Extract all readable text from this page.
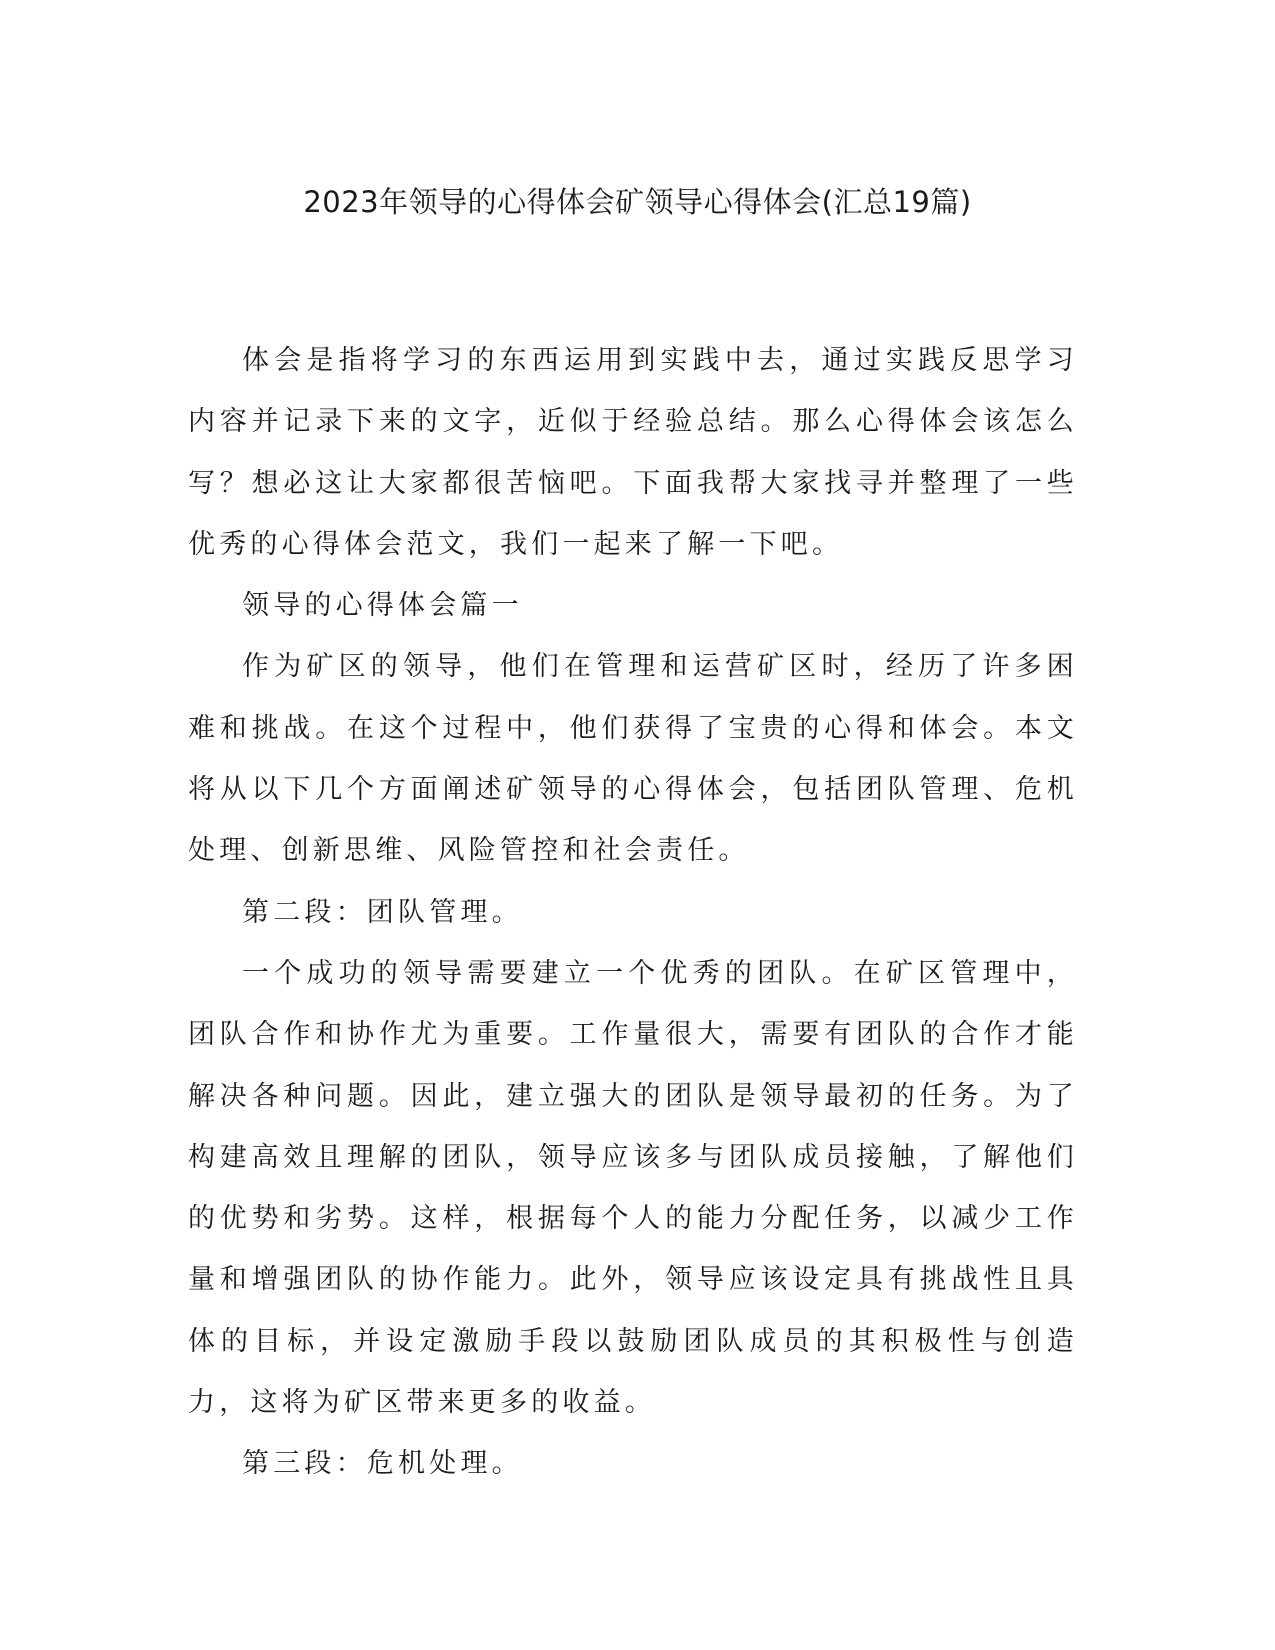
2023年领导的心得体会矿领导心得体会(汇总19篇)

体会是指将学习的东西运用到实践中去，通过实践反思学习内容并记录下来的文字，近似于经验总结。那么心得体会该怎么写？想必这让大家都很苦恼吧。下面我帮大家找寻并整理了一些优秀的心得体会范文，我们一起来了解一下吧。

领导的心得体会篇一

作为矿区的领导，他们在管理和运营矿区时，经历了许多困难和挑战。在这个过程中，他们获得了宝贵的心得和体会。本文将从以下几个方面阐述矿领导的心得体会，包括团队管理、危机处理、创新思维、风险管控和社会责任。

第二段：团队管理。

一个成功的领导需要建立一个优秀的团队。在矿区管理中，团队合作和协作尤为重要。工作量很大，需要有团队的合作才能解决各种问题。因此，建立强大的团队是领导最初的任务。为了构建高效且理解的团队，领导应该多与团队成员接触，了解他们的优势和劣势。这样，根据每个人的能力分配任务，以减少工作量和增强团队的协作能力。此外，领导应该设定具有挑战性且具体的目标，并设定激励手段以鼓励团队成员的其积极性与创造力，这将为矿区带来更多的收益。

第三段：危机处理。
